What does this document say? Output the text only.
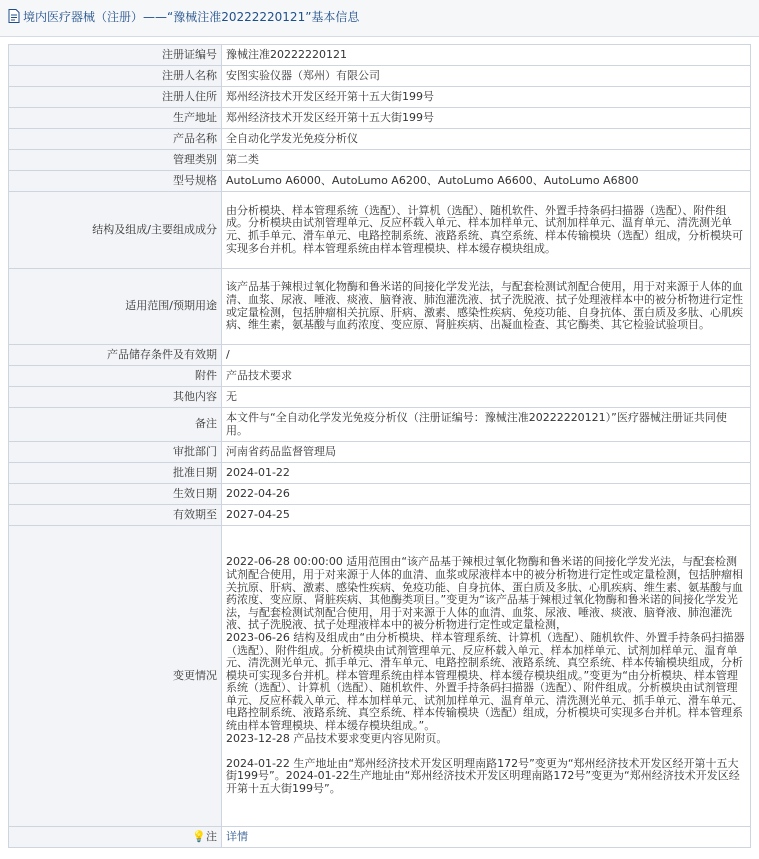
境内医疗器械（注册）——“豫械注准20222220121”基本信息
注册证编号	豫械注准20222220121
注册人名称	安图实验仪器（郑州）有限公司
注册人住所	郑州经济技术开发区经开第十五大街199号
生产地址	郑州经济技术开发区经开第十五大街199号
产品名称	全自动化学发光免疫分析仪
管理类别	第二类
型号规格	AutoLumo A6000、AutoLumo A6200、AutoLumo A6600、AutoLumo A6800
结构及组成/主要组成成分	由分析模块、样本管理系统（选配）、计算机（选配）、随机软件、外置手持条码扫描器（选配）、附件组成。分析模块由试剂管理单元、反应杯载入单元、样本加样单元、试剂加样单元、温育单元、清洗测光单元、抓手单元、滑车单元、电路控制系统、液路系统、真空系统、样本传输模块（选配）组成，分析模块可实现多台并机。样本管理系统由样本管理模块、样本缓存模块组成。
适用范围/预期用途	该产品基于辣根过氧化物酶和鲁米诺的间接化学发光法，与配套检测试剂配合使用，用于对来源于人体的血清、血浆、尿液、唾液、痰液、脑脊液、肺泡灌洗液、拭子洗脱液、拭子处理液样本中的被分析物进行定性或定量检测，包括肿瘤相关抗原、肝病、激素、感染性疾病、免疫功能、自身抗体、蛋白质及多肽、心肌疾病、维生素，氨基酸与血药浓度、变应原、肾脏疾病、出凝血检查、其它酶类、其它检验试验项目。
产品储存条件及有效期	/
附件	产品技术要求
其他内容	无
备注	本文件与“全自动化学发光免疫分析仪（注册证编号：豫械注准20222220121）”医疗器械注册证共同使用。
审批部门	河南省药品监督管理局
批准日期	2024-01-22
生效日期	2022-04-26
有效期至	2027-04-25
变更情况	2022-06-28 00:00:00 适用范围由“该产品基于辣根过氧化物酶和鲁米诺的间接化学发光法，与配套检测试剂配合使用，用于对来源于人体的血清、血浆或尿液样本中的被分析物进行定性或定量检测，包括肿瘤相关抗原、肝病、激素、感染性疾病、免疫功能、自身抗体、蛋白质及多肽、心肌疾病、维生素、氨基酸与血药浓度、变应原、肾脏疾病、其他酶类项目。”变更为“该产品基于辣根过氧化物酶和鲁米诺的间接化学发光法，与配套检测试剂配合使用，用于对来源于人体的血清、血浆、尿液、唾液、痰液、脑脊液、肺泡灌洗液、拭子洗脱液、拭子处理液样本中的被分析物进行定性或定量检测，
2023-06-26 结构及组成由“由分析模块、样本管理系统、计算机（选配）、随机软件、外置手持条码扫描器（选配）、附件组成。分析模块由试剂管理单元、反应杯载入单元、样本加样单元、试剂加样单元、温育单元、清洗测光单元、抓手单元、滑车单元、电路控制系统、液路系统、真空系统、样本传输模块组成，分析模块可实现多台并机。样本管理系统由样本管理模块、样本缓存模块组成。”变更为“由分析模块、样本管理系统（选配）、计算机（选配）、随机软件、外置手持条码扫描器（选配）、附件组成。分析模块由试剂管理单元、反应杯载入单元、样本加样单元、试剂加样单元、温育单元、清洗测光单元、抓手单元、滑车单元、电路控制系统、液路系统、真空系统、样本传输模块（选配）组成，分析模块可实现多台并机。样本管理系统由样本管理模块、样本缓存模块组成。”。
2023-12-28 产品技术要求变更内容见附页。

2024-01-22 生产地址由“郑州经济技术开发区明理南路172号”变更为“郑州经济技术开发区经开第十五大街199号”。2024-01-22生产地址由“郑州经济技术开发区明理南路172号”变更为“郑州经济技术开发区经开第十五大街199号”。
💡注	详情
